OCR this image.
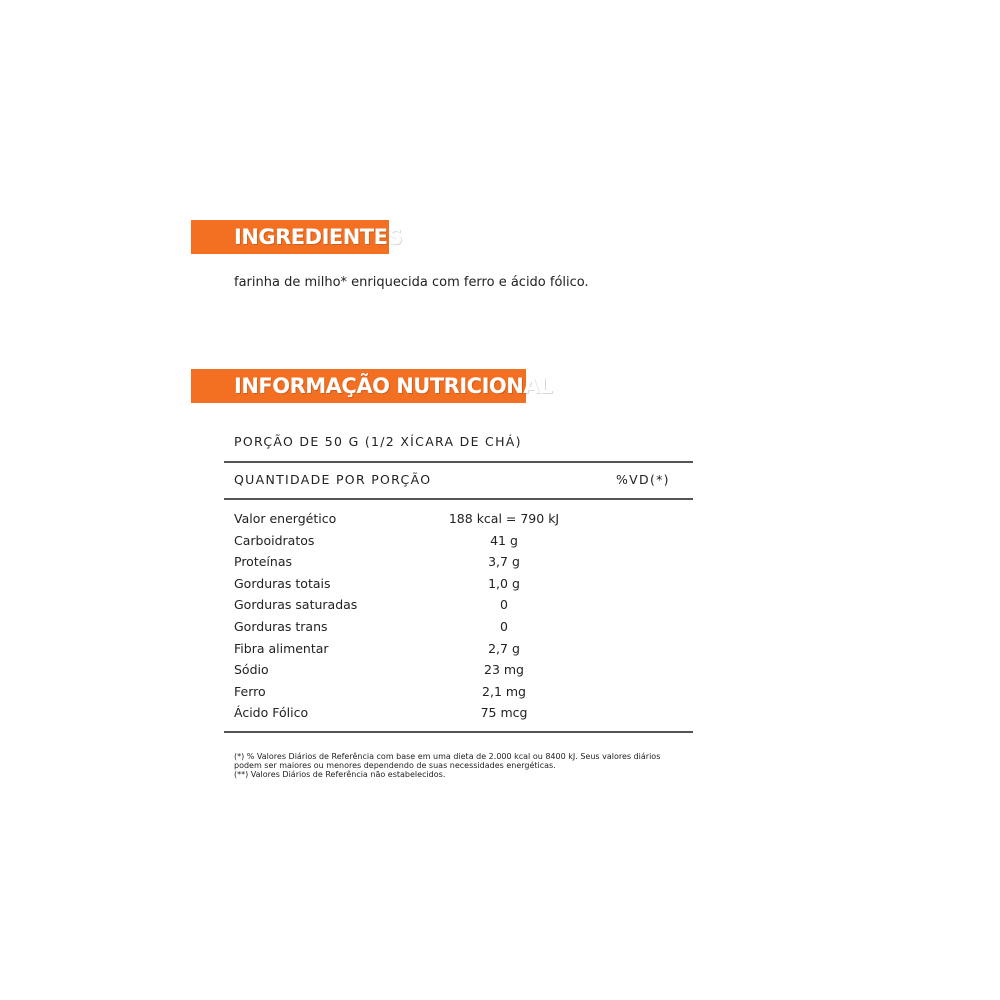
INGREDIENTES
farinha de milho* enriquecida com ferro e ácido fólico.
INFORMAÇÃO NUTRICIONAL
PORÇÃO DE 50 G (1/2 XÍCARA DE CHÁ)
QUANTIDADE POR PORÇÃO	%VD(*)
Valor energético	188 kcal = 790 kJ
Carboidratos	41 g
Proteínas	3,7 g
Gorduras totais	1,0 g
Gorduras saturadas	0
Gorduras trans	0
Fibra alimentar	2,7 g
Sódio	23 mg
Ferro	2,1 mg
Ácido Fólico	75 mcg
(*) % Valores Diários de Referência com base em uma dieta de 2.000 kcal ou 8400 kJ. Seus valores diários
podem ser maiores ou menores dependendo de suas necessidades energéticas.
(**) Valores Diários de Referência não estabelecidos.
